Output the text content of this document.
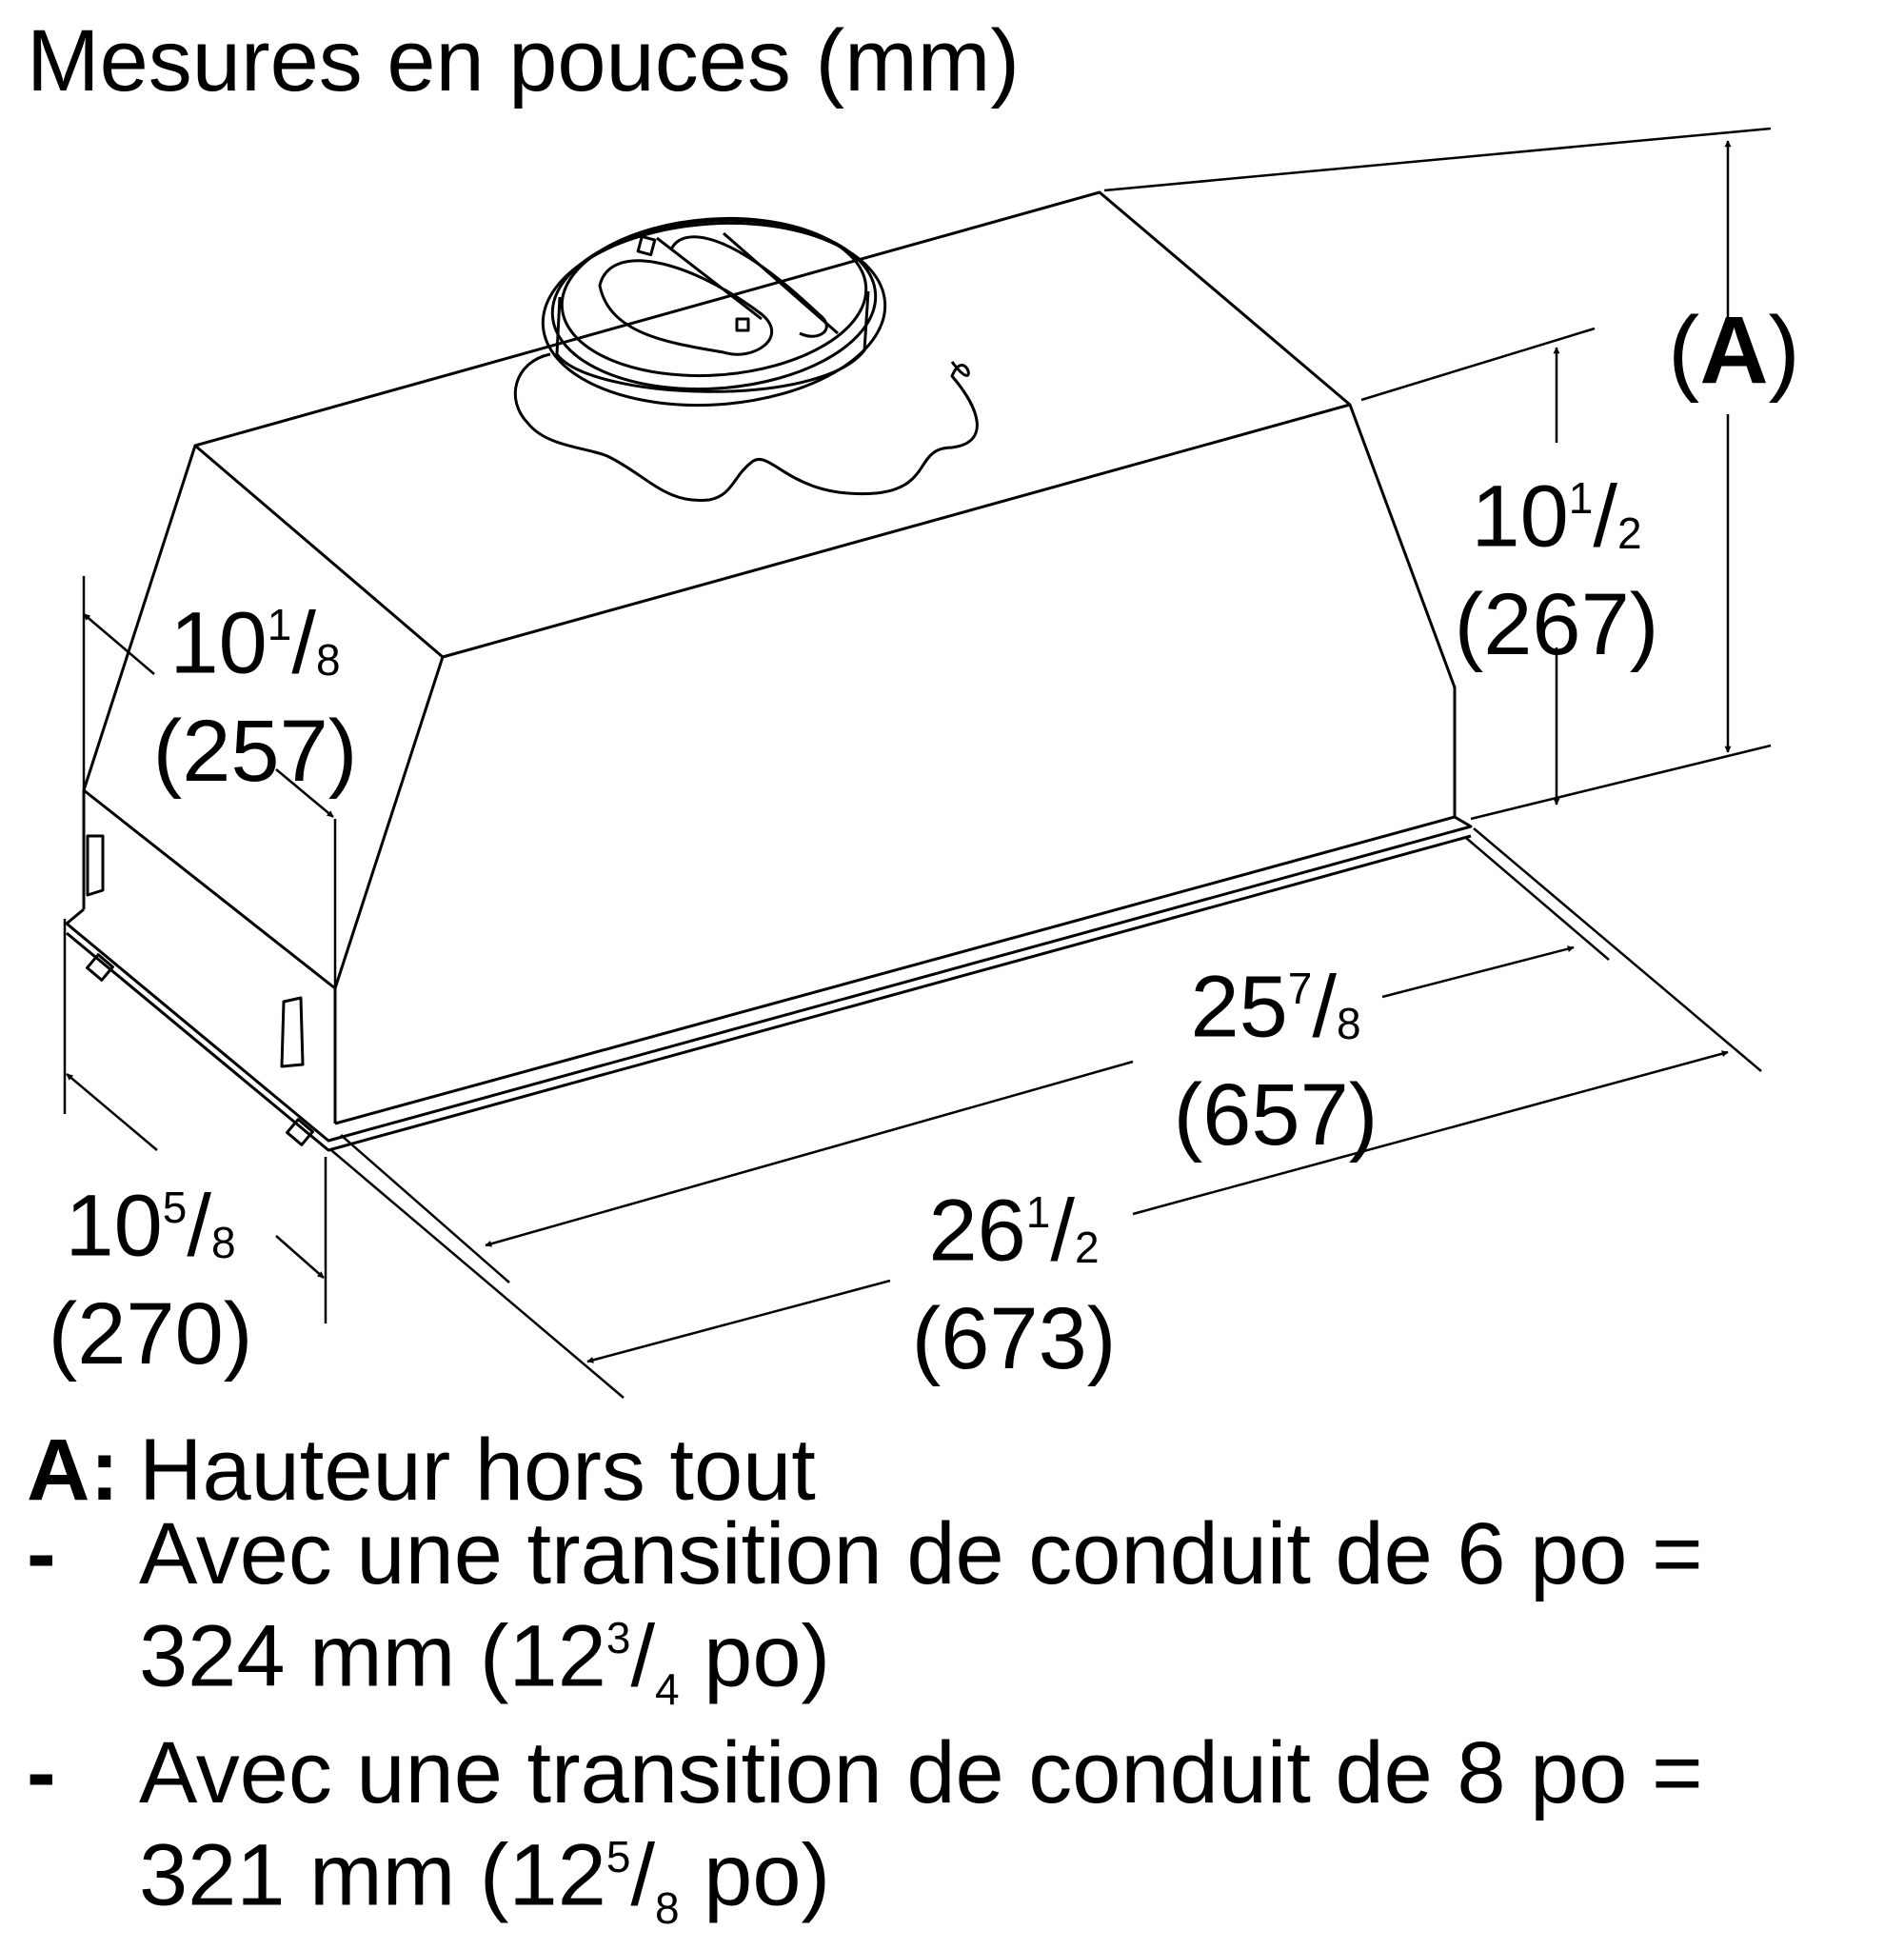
Mesures en pouces (mm)
(A)
$10^1/_2$
(267)
$10^1/_8$
(257)
$10^5/_8$
(270)
$25^7/_8$
(657)
$26^1/_2$
(673)
A: Hauteur hors tout
- Avec une transition de conduit de 6 po =
324 mm ($12^3/_4$ po)
- Avec une transition de conduit de 8 po =
321 mm ($12^5/_8$ po)
